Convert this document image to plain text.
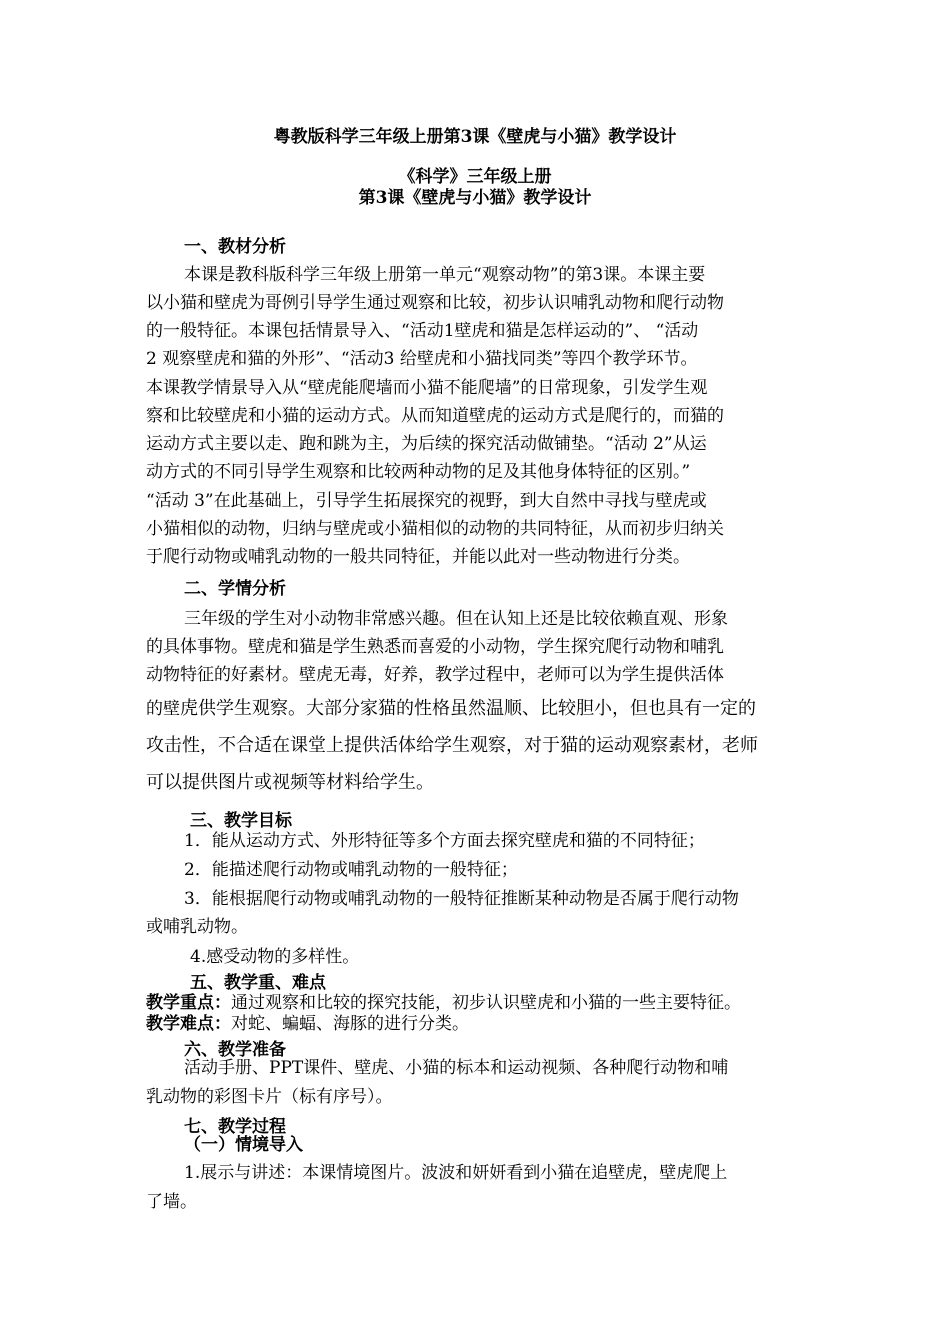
粤教版科学三年级上册第3课《壁虎与小猫》教学设计
《科学》三年级上册
第3课《壁虎与小猫》教学设计
一、教材分析
本课是教科版科学三年级上册第一单元“观察动物”的第3课。本课主要
以小猫和壁虎为哥例引导学生通过观察和比较，初步认识哺乳动物和爬行动物
的一般特征。本课包括情景导入、“活动1壁虎和猫是怎样运动的”、 “活动
2 观察壁虎和猫的外形”、“活动3 给壁虎和小猫找同类”等四个教学环节。
本课教学情景导入从“壁虎能爬墙而小猫不能爬墙”的日常现象，引发学生观
察和比较壁虎和小猫的运动方式。从而知道壁虎的运动方式是爬行的，而猫的
运动方式主要以走、跑和跳为主，为后续的探究活动做铺垫。“活动 2”从运
动方式的不同引导学生观察和比较两种动物的足及其他身体特征的区别。”
“活动 3”在此基础上，引导学生拓展探究的视野，到大自然中寻找与壁虎或
小猫相似的动物，归纳与壁虎或小猫相似的动物的共同特征，从而初步归纳关
于爬行动物或哺乳动物的一般共同特征，并能以此对一些动物进行分类。
二、学情分析
三年级的学生对小动物非常感兴趣。但在认知上还是比较依赖直观、形象
的具体事物。壁虎和猫是学生熟悉而喜爱的小动物，学生探究爬行动物和哺乳
动物特征的好素材。壁虎无毒，好养，教学过程中，老师可以为学生提供活体
的壁虎供学生观察。大部分家猫的性格虽然温顺、比较胆小，但也具有一定的
攻击性，不合适在课堂上提供活体给学生观察，对于猫的运动观察素材，老师
可以提供图片或视频等材料给学生。
三、教学目标
1．能从运动方式、外形特征等多个方面去探究壁虎和猫的不同特征；
2．能描述爬行动物或哺乳动物的一般特征；
3．能根据爬行动物或哺乳动物的一般特征推断某种动物是否属于爬行动物
或哺乳动物。
4.感受动物的多样性。
五、教学重、难点
教学重点：通过观察和比较的探究技能，初步认识壁虎和小猫的一些主要特征。
教学难点：对蛇、蝙蝠、海豚的进行分类。
六、教学准备
活动手册、PPT课件、壁虎、小猫的标本和运动视频、各种爬行动物和哺
乳动物的彩图卡片（标有序号）。
七、教学过程
（一）情境导入
1.展示与讲述：本课情境图片。波波和妍妍看到小猫在追壁虎，壁虎爬上
了墙。
